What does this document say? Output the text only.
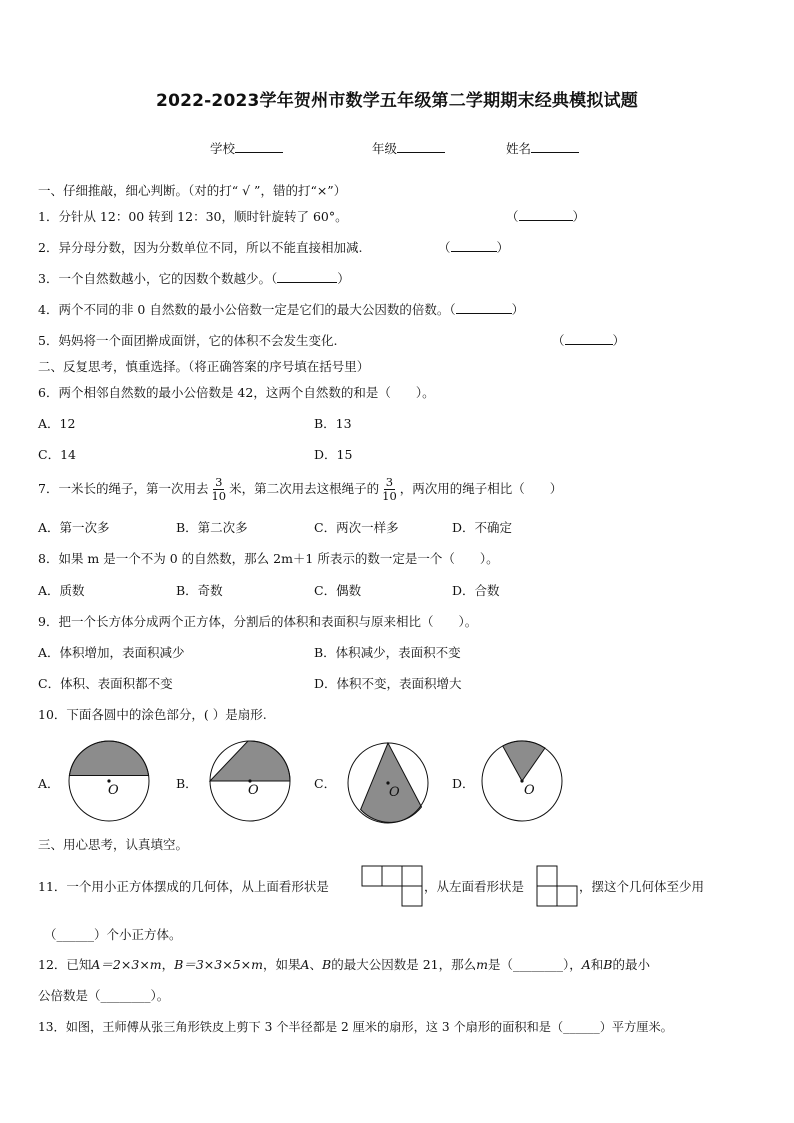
2022-2023学年贺州市数学五年级第二学期期末经典模拟试题
学校	年级	姓名
一、仔细推敲，细心判断。（对的打“ √ ”，错的打“×”）
1．分针从 12：00 转到 12：30，顺时针旋转了 60°。	（	）
2．异分母分数，因为分数单位不同，所以不能直接相加减.	（	）
3．一个自然数越小，它的因数个数越少。（	）
4．两个不同的非 0 自然数的最小公倍数一定是它们的最大公因数的倍数。（	）
5．妈妈将一个面团擀成面饼，它的体积不会发生变化.	（	）
二、反复思考，慎重选择。（将正确答案的序号填在括号里）
6．两个相邻自然数的最小公倍数是 42，这两个自然数的和是（　　）。
A．12	B．13
C．14	D．15
7．一米长的绳子，第一次用去 $\frac{3}{10}$ 米，第二次用去这根绳子的 $\frac{3}{10}$ ，两次用的绳子相比（　　）
A．第一次多	B．第二次多	C．两次一样多	D．不确定
8．如果 m 是一个不为 0 的自然数，那么 2m＋1 所表示的数一定是一个（　　）。
A．质数	B．奇数	C．偶数	D．合数
9．把一个长方体分成两个正方体，分割后的体积和表面积与原来相比（　　）。
A．体积增加，表面积减少	B．体积减少，表面积不变
C．体积、表面积都不变	D．体积不变，表面积增大
10．下面各圆中的涂色部分，( ）是扇形.
A．	B．	C．	D．
O	O	O	O
三、用心思考，认真填空。
11．一个用小正方体摆成的几何体，从上面看形状是	，从左面看形状是	，摆这个几何体至少用
（______）个小正方体。
12．已知A＝2×3×m，B＝3×3×5×m，如果A、B的最大公因数是 21，那么m是（________），A和B的最小
公倍数是（________）。
13．如图，王师傅从张三角形铁皮上剪下 3 个半径都是 2 厘米的扇形，这 3 个扇形的面积和是（______）平方厘米。
